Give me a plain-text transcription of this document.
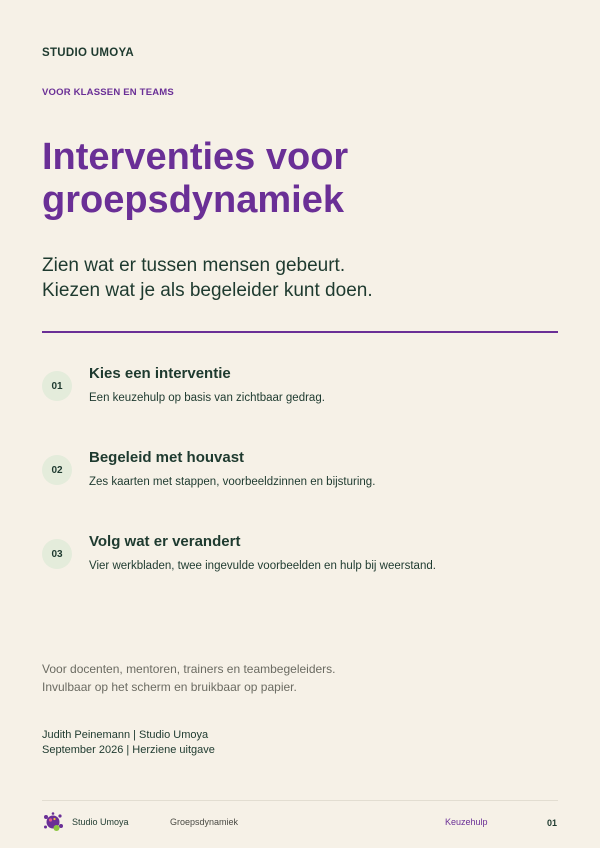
STUDIO UMOYA
VOOR KLASSEN EN TEAMS
Interventies voor groepsdynamiek
Zien wat er tussen mensen gebeurt.
Kiezen wat je als begeleider kunt doen.
01
Kies een interventie
Een keuzehulp op basis van zichtbaar gedrag.
02
Begeleid met houvast
Zes kaarten met stappen, voorbeeldzinnen en bijsturing.
03
Volg wat er verandert
Vier werkbladen, twee ingevulde voorbeelden en hulp bij weerstand.
Voor docenten, mentoren, trainers en teambegeleiders.
Invulbaar op het scherm en bruikbaar op papier.
Judith Peinemann | Studio Umoya
September 2026 | Herziene uitgave
Studio Umoya	Groepsdynamiek	Keuzehulp	01
